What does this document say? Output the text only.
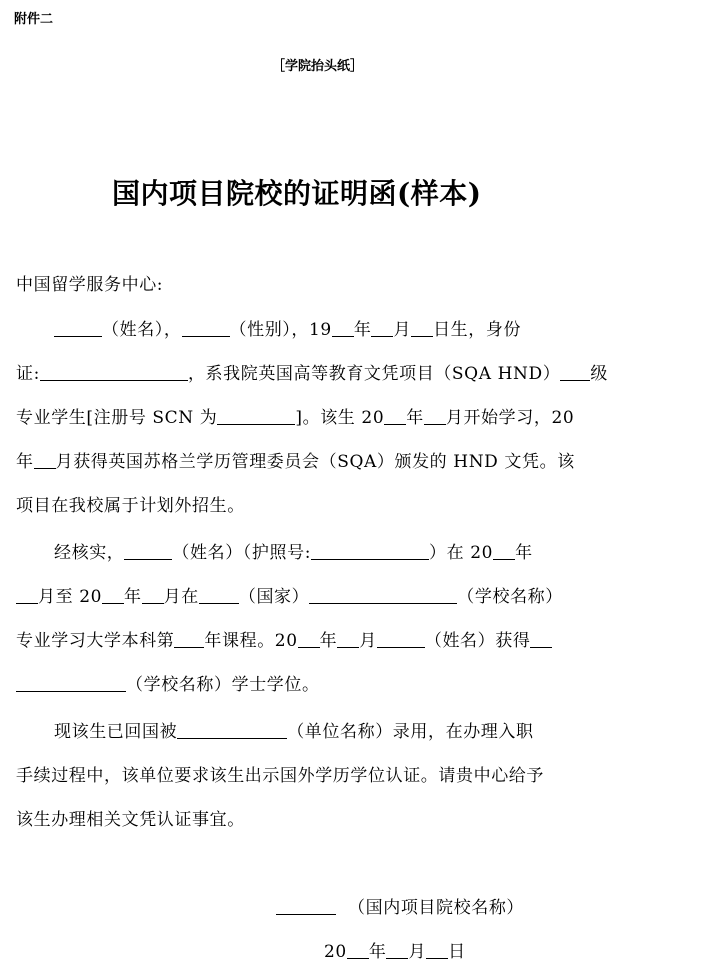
附件二
［学院抬头纸］
国内项目院校的证明函(样本)
中国留学服务中心:
（姓名），	（性别），19 年 月 日生，身份
证:	，系我院英国高等教育文凭项目（SQA HND） 级
专业学生[注册号 SCN 为	]。该生 20 年 月开始学习，20
年 月获得英国苏格兰学历管理委员会（SQA）颁发的 HND 文凭。该
项目在我校属于计划外招生。
经核实，	（姓名）（护照号:	）在 20 年
月至 20 年 月在 （国家）	（学校名称）
专业学习大学本科第 年课程。20 年 月	（姓名）获得
（学校名称）学士学位。
现该生已回国被	（单位名称）录用，在办理入职
手续过程中，该单位要求该生出示国外学历学位认证。请贵中心给予
该生办理相关文凭认证事宜。
（国内项目院校名称）
20 年 月 日
